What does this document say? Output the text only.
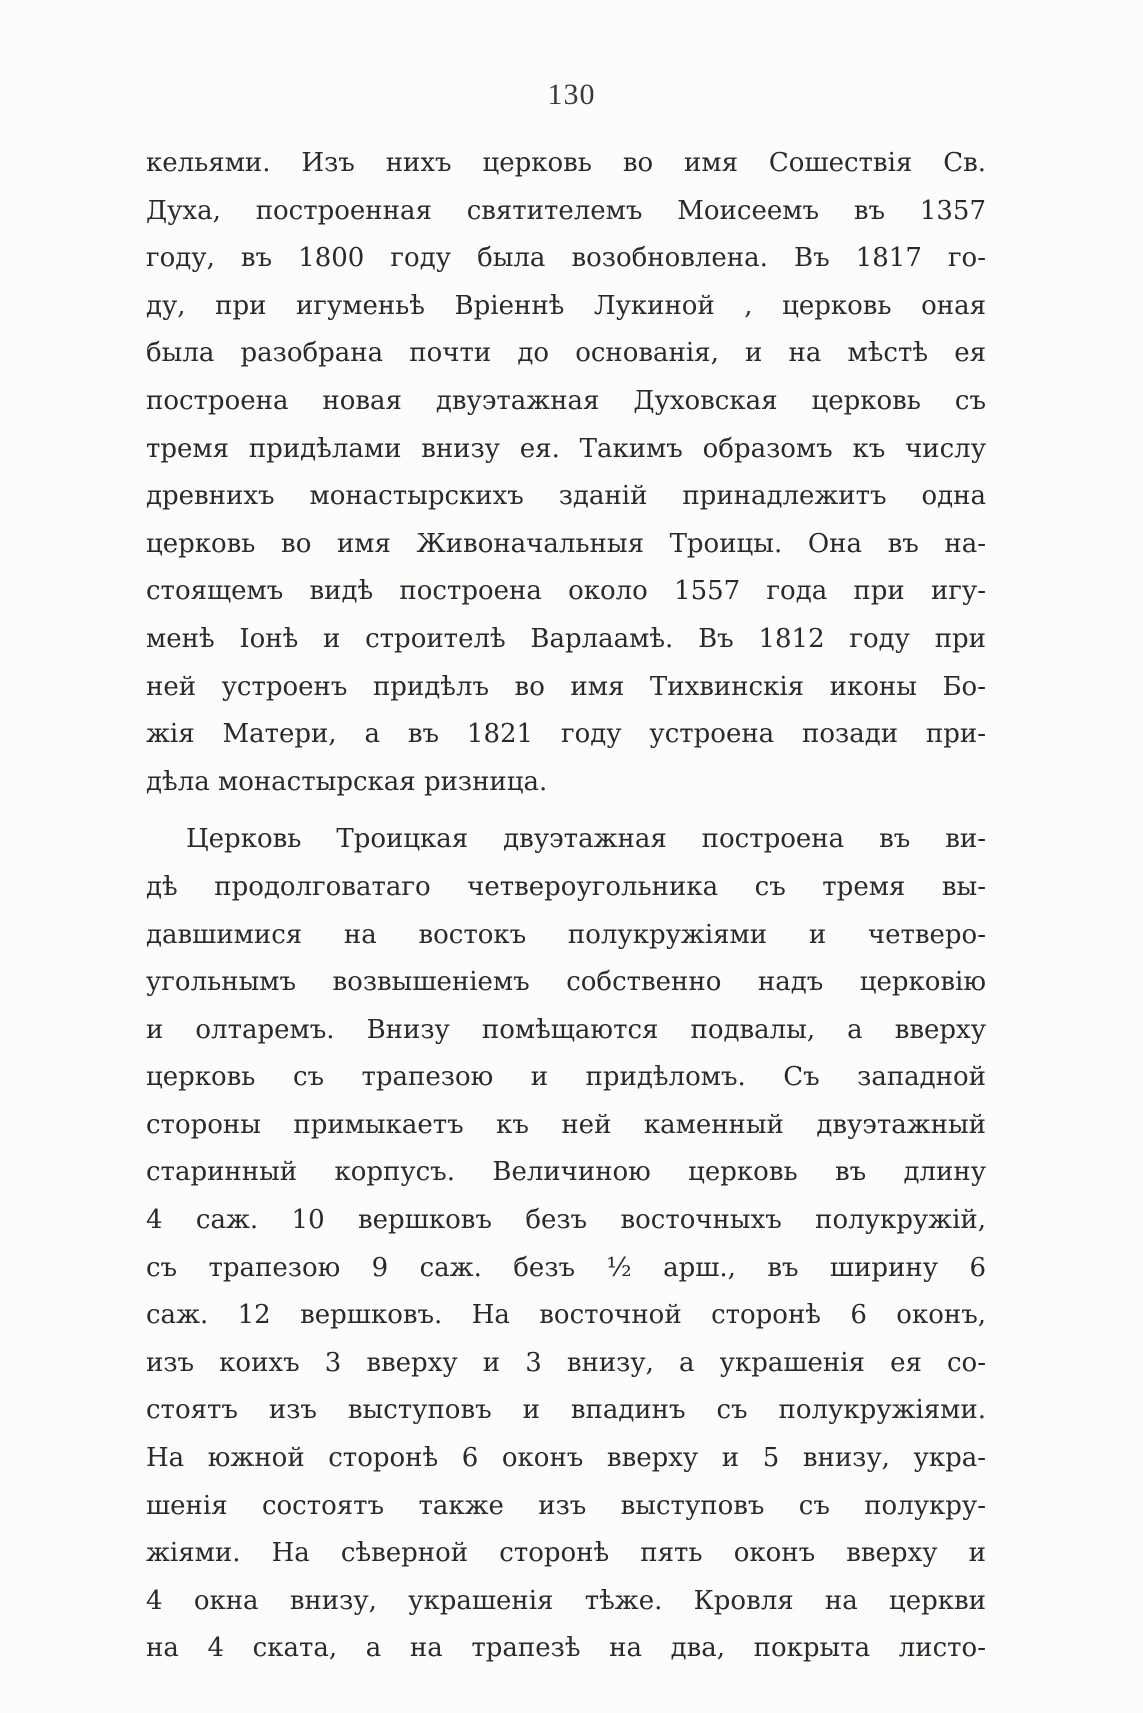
130
кельями. Изъ нихъ церковь во имя Сошествія Св.
Духа, построенная святителемъ Моисеемъ въ 1357
году, въ 1800 году была возобновлена. Въ 1817 го-
ду, при игуменьѣ Вріеннѣ Лукиной , церковь оная
была разобрана почти до основанія, и на мѣстѣ ея
построена новая двуэтажная Духовская церковь съ
тремя придѣлами внизу ея. Такимъ образомъ къ числу
древнихъ монастырскихъ зданій принадлежитъ одна
церковь во имя Живоначальныя Троицы. Она въ на-
стоящемъ видѣ построена около 1557 года при игу-
менѣ Іонѣ и строителѣ Варлаамѣ. Въ 1812 году при
ней устроенъ придѣлъ во имя Тихвинскія иконы Бо-
жія Матери, а въ 1821 году устроена позади при-
дѣла монастырская ризница.
Церковь Троицкая двуэтажная построена въ ви-
дѣ продолговатаго четвероугольника съ тремя вы-
давшимися на востокъ полукружіями и четверо-
угольнымъ возвышеніемъ собственно надъ церковію
и олтаремъ. Внизу помѣщаются подвалы, а вверху
церковь съ трапезою и придѣломъ. Съ западной
стороны примыкаетъ къ ней каменный двуэтажный
старинный корпусъ. Величиною церковь въ длину
4 саж. 10 вершковъ безъ восточныхъ полукружій,
съ трапезою 9 саж. безъ ½ арш., въ ширину 6
саж. 12 вершковъ. На восточной сторонѣ 6 оконъ,
изъ коихъ 3 вверху и 3 внизу, а украшенія ея со-
стоятъ изъ выступовъ и впадинъ съ полукружіями.
На южной сторонѣ 6 оконъ вверху и 5 внизу, укра-
шенія состоятъ также изъ выступовъ съ полукру-
жіями. На сѣверной сторонѣ пять оконъ вверху и
4 окна внизу, украшенія тѣже. Кровля на церкви
на 4 ската, а на трапезѣ на два, покрыта листо-
